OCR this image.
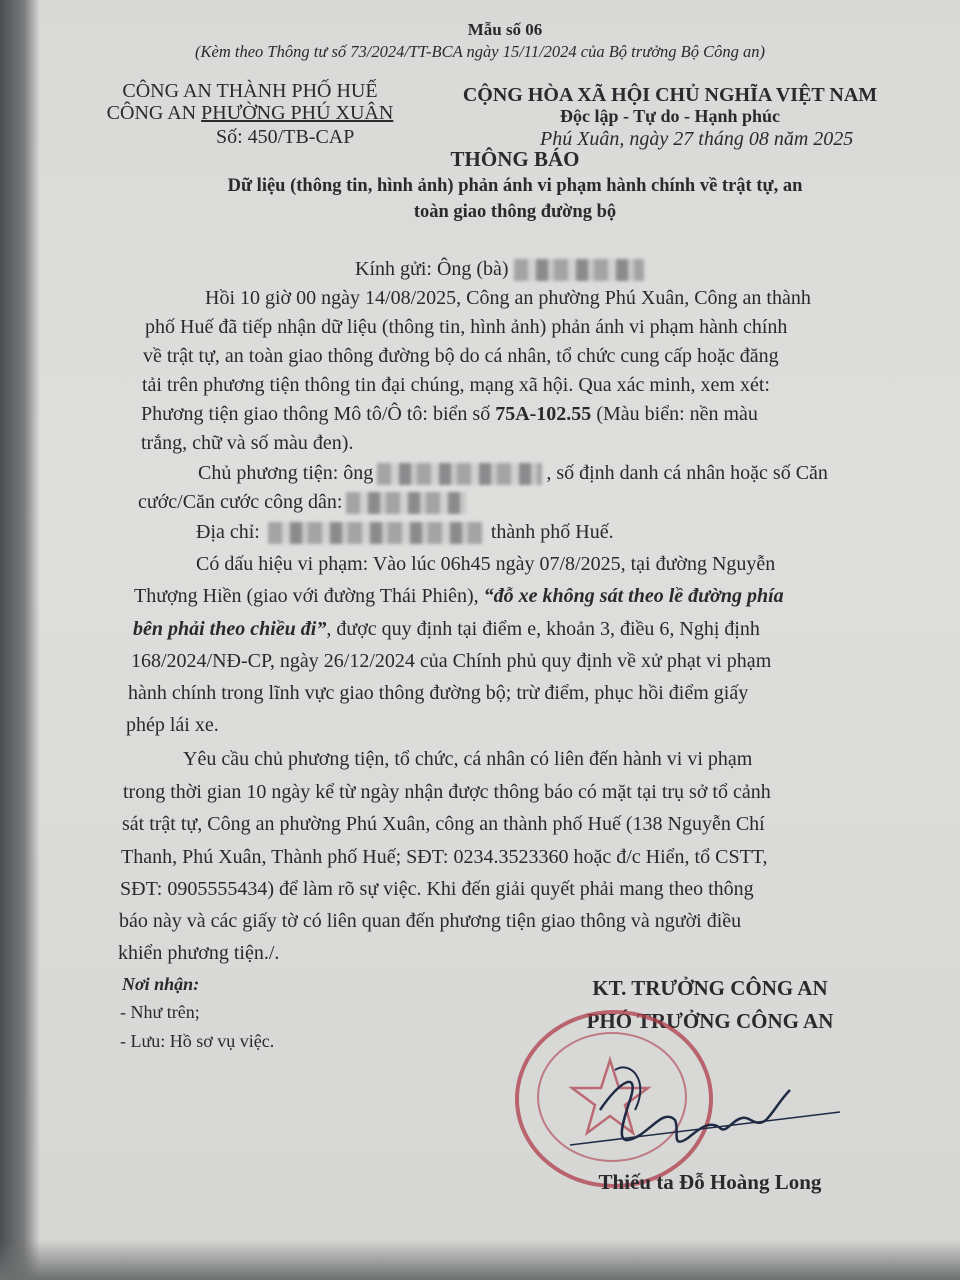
Mẫu số 06
(Kèm theo Thông tư số 73/2024/TT-BCA ngày 15/11/2024 của Bộ trưởng Bộ Công an)
CÔNG AN THÀNH PHỐ HUẾ
CÔNG AN PHƯỜNG PHÚ XUÂN
Số: 450/TB-CAP
CỘNG HÒA XÃ HỘI CHỦ NGHĨA VIỆT NAM
Độc lập - Tự do - Hạnh phúc
Phú Xuân, ngày 27 tháng 08 năm 2025
THÔNG BÁO
Dữ liệu (thông tin, hình ảnh) phản ánh vi phạm hành chính về trật tự, an
toàn giao thông đường bộ
Kính gửi: Ông (bà)
Hồi 10 giờ 00 ngày 14/08/2025, Công an phường Phú Xuân, Công an thành
phố Huế đã tiếp nhận dữ liệu (thông tin, hình ảnh) phản ánh vi phạm hành chính
về trật tự, an toàn giao thông đường bộ do cá nhân, tổ chức cung cấp hoặc đăng
tải trên phương tiện thông tin đại chúng, mạng xã hội. Qua xác minh, xem xét:
Phương tiện giao thông Mô tô/Ô tô: biển số 75A-102.55 (Màu biển: nền màu
trắng, chữ và số màu đen).
Chủ phương tiện: ông	, số định danh cá nhân hoặc số Căn
cước/Căn cước công dân:
Địa chỉ:	thành phố Huế.
Có dấu hiệu vi phạm: Vào lúc 06h45 ngày 07/8/2025, tại đường Nguyễn
Thượng Hiền (giao với đường Thái Phiên), “đỗ xe không sát theo lề đường phía
bên phải theo chiều đi”, được quy định tại điểm e, khoản 3, điều 6, Nghị định
168/2024/NĐ-CP, ngày 26/12/2024 của Chính phủ quy định về xử phạt vi phạm
hành chính trong lĩnh vực giao thông đường bộ; trừ điểm, phục hồi điểm giấy
phép lái xe.
Yêu cầu chủ phương tiện, tổ chức, cá nhân có liên đến hành vi vi phạm
trong thời gian 10 ngày kể từ ngày nhận được thông báo có mặt tại trụ sở tổ cảnh
sát trật tự, Công an phường Phú Xuân, công an thành phố Huế (138 Nguyễn Chí
Thanh, Phú Xuân, Thành phố Huế; SĐT: 0234.3523360 hoặc đ/c Hiển, tổ CSTT,
SĐT: 0905555434) để làm rõ sự việc. Khi đến giải quyết phải mang theo thông
báo này và các giấy tờ có liên quan đến phương tiện giao thông và người điều
khiển phương tiện./.
Nơi nhận:
- Như trên;
- Lưu: Hồ sơ vụ việc.
KT. TRƯỞNG CÔNG AN
PHÓ TRƯỞNG CÔNG AN
Thiếu ta Đỗ Hoàng Long
